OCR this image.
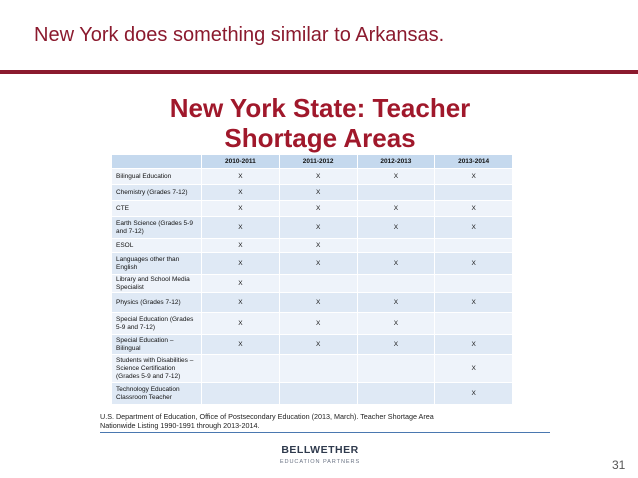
New York does something similar to Arkansas.
New York State: Teacher
Shortage Areas
	2010-2011	2011-2012	2012-2013	2013-2014
Bilingual Education	X	X	X	X
Chemistry (Grades 7-12)	X	X		
CTE	X	X	X	X
Earth Science (Grades 5-9 and 7-12)	X	X	X	X
ESOL	X	X		
Languages other than English	X	X	X	X
Library and School Media Specialist	X			
Physics (Grades 7-12)	X	X	X	X
Special Education (Grades 5-9 and 7-12)	X	X	X	
Special Education – Bilingual	X	X	X	X
Students with Disabilities – Science Certification (Grades 5-9 and 7-12)				X
Technology Education Classroom Teacher				X
U.S. Department of Education, Office of Postsecondary Education (2013, March). Teacher Shortage Area
Nationwide Listing 1990-1991 through 2013-2014.
BELLWETHER
EDUCATION PARTNERS	31
